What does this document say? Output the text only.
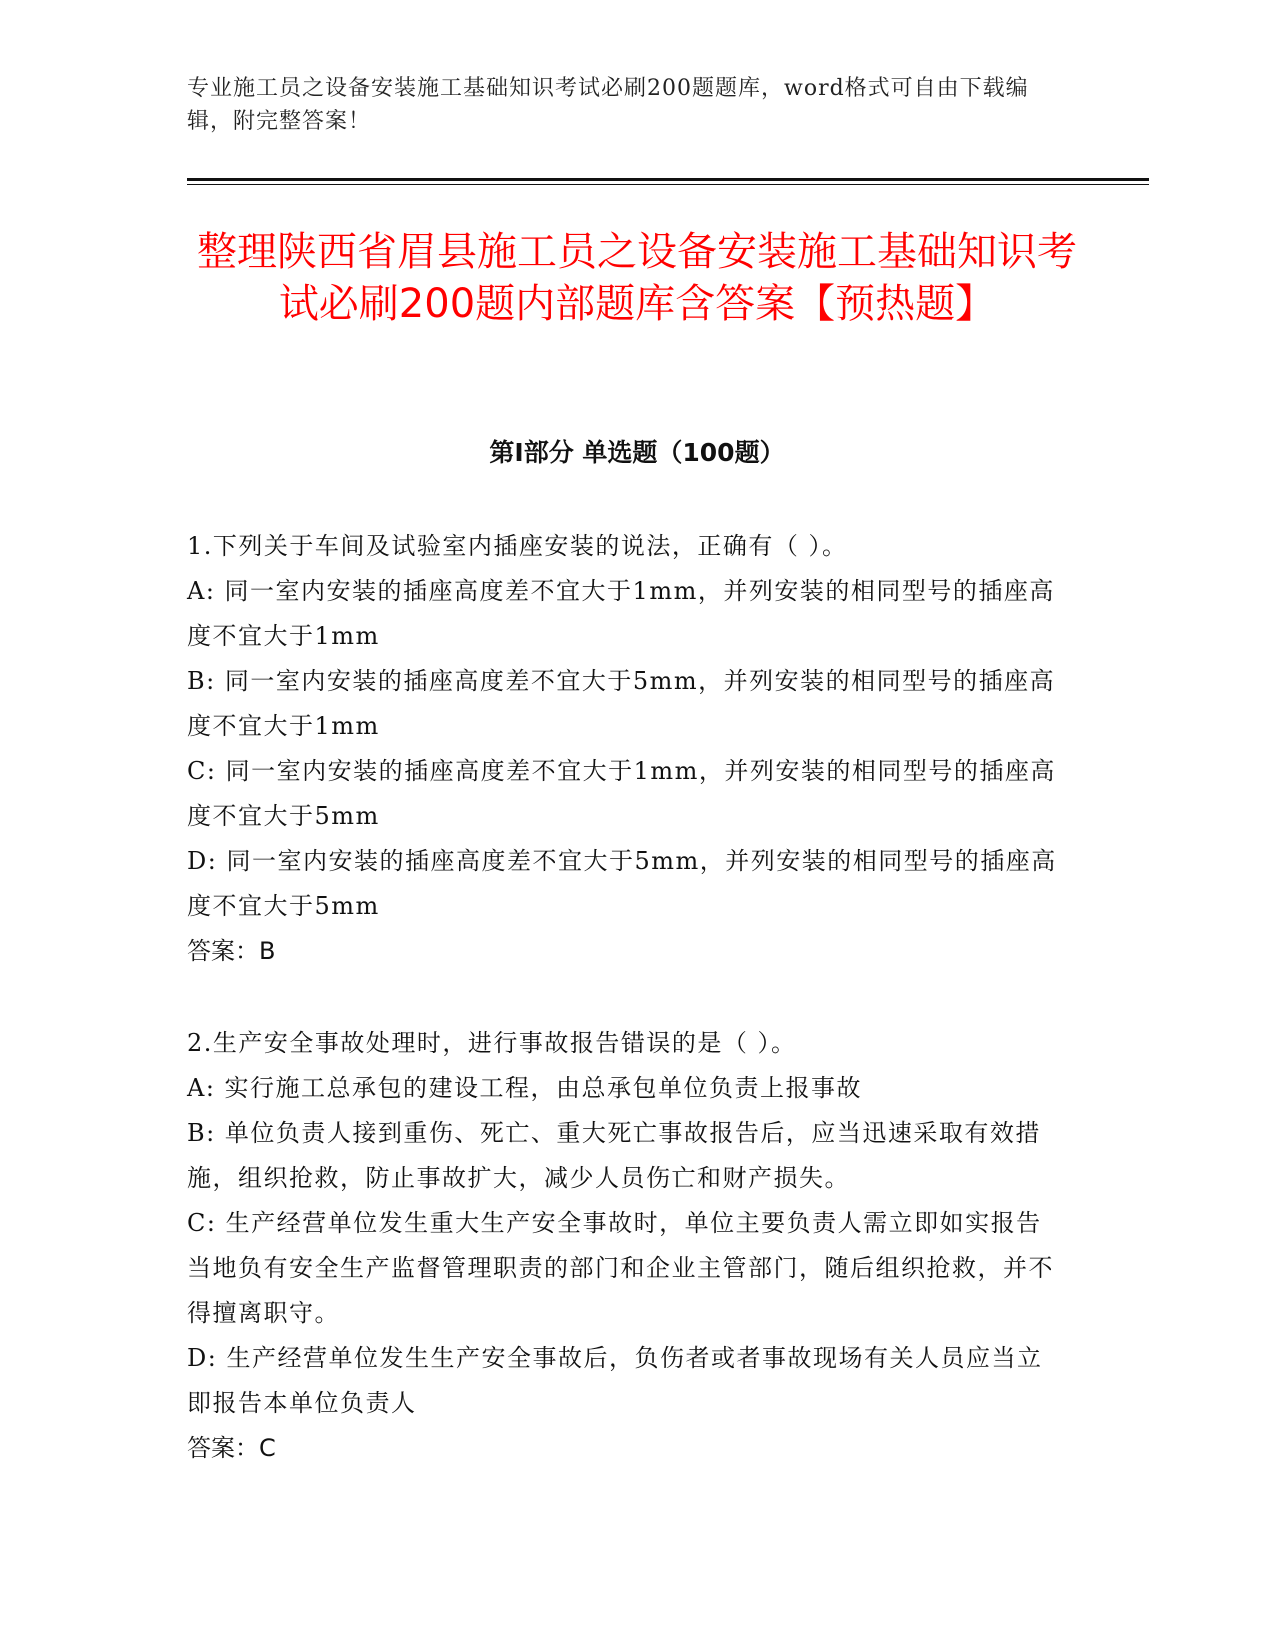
专业施工员之设备安装施工基础知识考试必刷200题题库，word格式可自由下载编辑，附完整答案！
整理陕西省眉县施工员之设备安装施工基础知识考试必刷200题内部题库含答案【预热题】
第I部分 单选题（100题）

1.下列关于车间及试验室内插座安装的说法，正确有（ ）。

A: 同一室内安装的插座高度差不宜大于1mm，并列安装的相同型号的插座高度不宜大于1mm

B: 同一室内安装的插座高度差不宜大于5mm，并列安装的相同型号的插座高度不宜大于1mm

C: 同一室内安装的插座高度差不宜大于1mm，并列安装的相同型号的插座高度不宜大于5mm

D: 同一室内安装的插座高度差不宜大于5mm，并列安装的相同型号的插座高度不宜大于5mm

答案：B

2.生产安全事故处理时，进行事故报告错误的是（ ）。

A: 实行施工总承包的建设工程，由总承包单位负责上报事故

B: 单位负责人接到重伤、死亡、重大死亡事故报告后，应当迅速采取有效措施，组织抢救，防止事故扩大，减少人员伤亡和财产损失。

C: 生产经营单位发生重大生产安全事故时，单位主要负责人需立即如实报告当地负有安全生产监督管理职责的部门和企业主管部门，随后组织抢救，并不得擅离职守。

D: 生产经营单位发生生产安全事故后，负伤者或者事故现场有关人员应当立即报告本单位负责人

答案：C
